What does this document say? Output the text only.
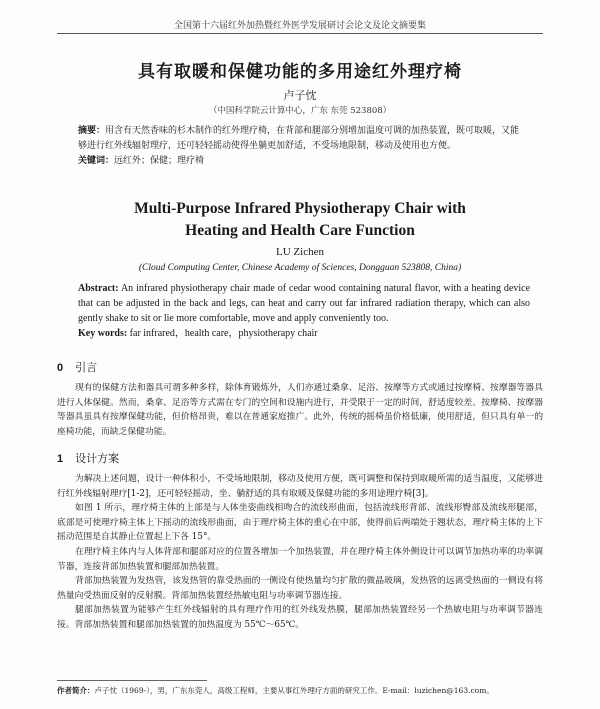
全国第十六届红外加热暨红外医学发展研讨会论文及论文摘要集
具有取暖和保健功能的多用途红外理疗椅
卢子忱
（中国科学院云计算中心，广东 东莞 523808）
摘要：用含有天然香味的杉木制作的红外理疗椅，在背部和腿部分别增加温度可调的加热装置，既可取暖，又能够进行红外线辐射理疗，还可轻轻摇动使得坐躺更加舒适，不受场地限制，移动及使用也方便。
关键词：远红外；保健；理疗椅
Multi-Purpose Infrared Physiotherapy Chair with
Heating and Health Care Function
LU Zichen
(Cloud Computing Center, Chinese Academy of Sciences, Dongguan 523808, China)
Abstract: An infrared physiotherapy chair made of cedar wood containing natural flavor, with a heating device that can be adjusted in the back and legs, can heat and carry out far infrared radiation therapy, which can also gently shake to sit or lie more comfortable, move and apply conveniently too.
Key words: far infrared，health care，physiotherapy chair
0 引言

现有的保健方法和器具可谓多种多样，除体育锻炼外，人们亦通过桑拿、足浴、按摩等方式或通过按摩椅、按摩器等器具进行人体保健。然而，桑拿、足浴等方式需在专门的空间和设施内进行，并受限于一定的时间，舒适度较差。按摩椅、按摩器等器具虽具有按摩保健功能，但价格昂贵，难以在普通家庭推广。此外，传统的摇椅虽价格低廉，使用舒适，但只具有单一的座椅功能，而缺乏保健功能。

1 设计方案

为解决上述问题，设计一种体积小，不受场地限制，移动及使用方便，既可调整和保持到取暖所需的适当温度，又能够进行红外线辐射理疗[1-2]，还可轻轻摇动，坐、躺舒适的具有取暖及保健功能的多用途理疗椅[3]。

如图 1 所示，理疗椅主体的上部是与人体坐姿曲线相吻合的流线形曲面，包括流线形背部、流线形臀部及流线形腿部，底部是可使理疗椅主体上下摇动的流线形曲面，由于理疗椅主体的重心在中部，使得前后两端处于翘状态，理疗椅主体的上下摇动范围是自其静止位置起上下各 15°。

在理疗椅主体内与人体背部和腿部对应的位置各增加一个加热装置，并在理疗椅主体外侧设计可以调节加热功率的功率调节器，连接背部加热装置和腿部加热装置。

背部加热装置为发热管，该发热管的靠受热面的一侧设有使热量均匀扩散的微晶玻璃，发热管的远离受热面的一侧设有将热量向受热面反射的反射膜。背部加热装置经热敏电阻与功率调节器连接。

腿部加热装置为能够产生红外线辐射的具有理疗作用的红外线发热膜，腿部加热装置经另一个热敏电阻与功率调节器连接。背部加热装置和腿部加热装置的加热温度为 55℃～65℃。

作者简介：卢子忱（1969-），男，广东东莞人，高级工程师，主要从事红外理疗方面的研究工作。E-mail：luzichen@163.com。
